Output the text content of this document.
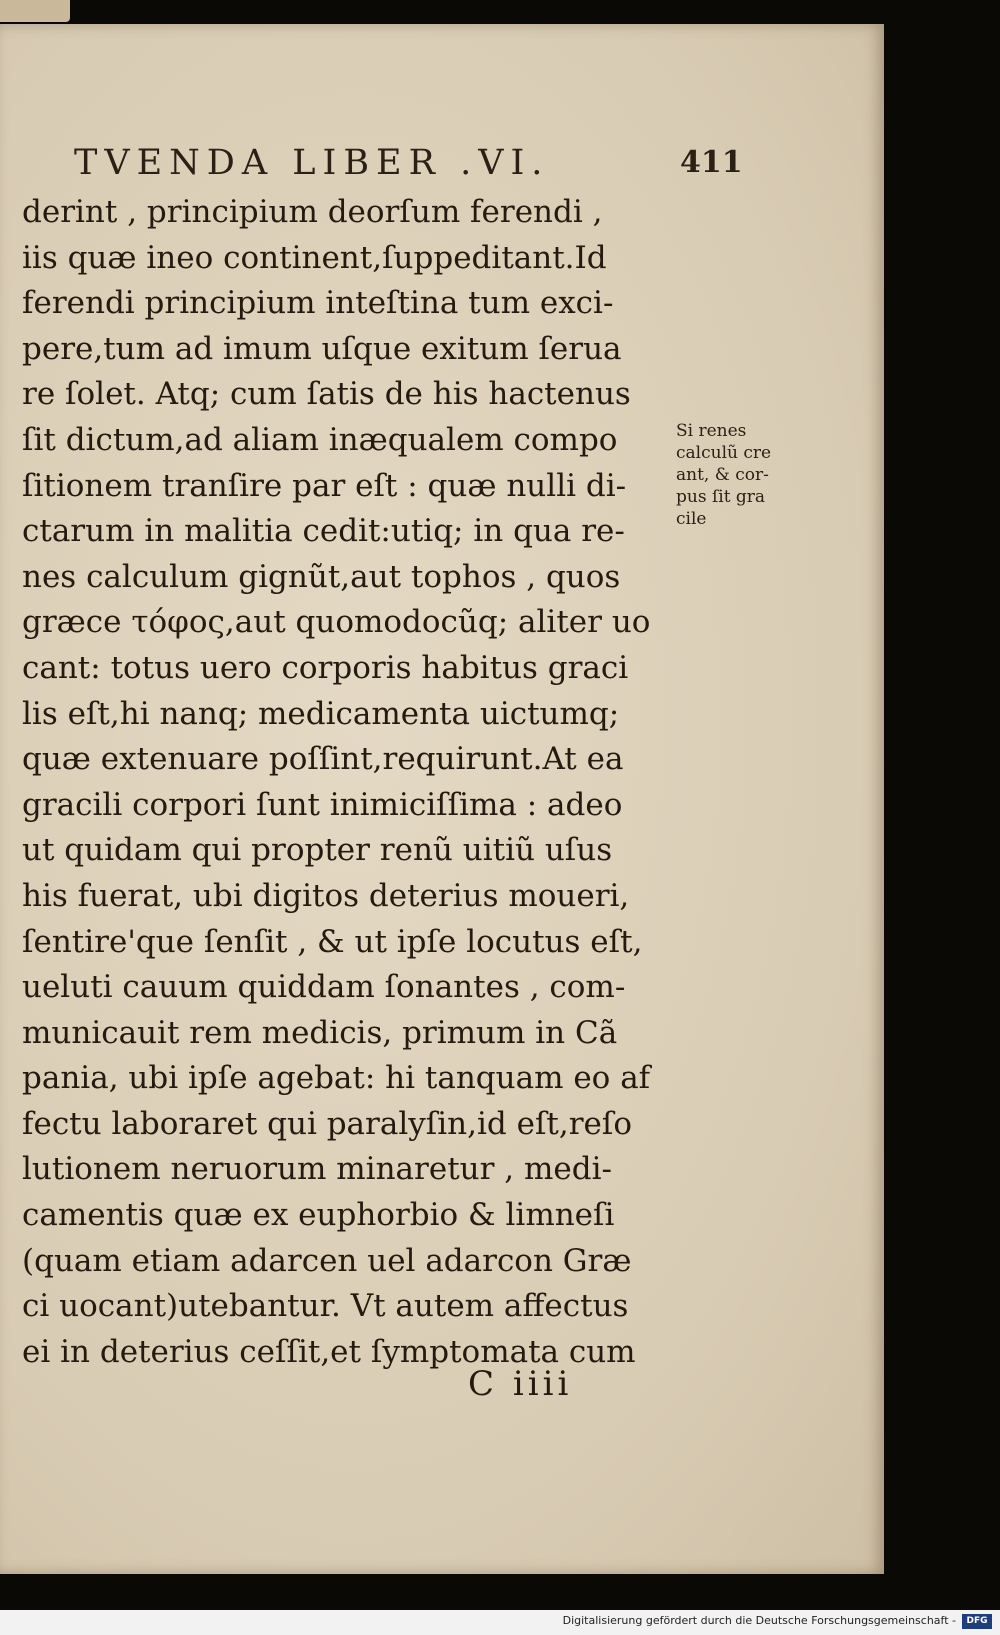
TVENDA LIBER .VI.	411
derint , principium deorſum ferendi ,
iis quæ ineo continent,ſuppeditant.Id
ferendi principium inteſtina tum exci-
pere,tum ad imum uſque exitum ſerua
re ſolet. Atq; cum ſatis de his hactenus
ſit dictum,ad aliam inæqualem compo
ſitionem tranſire par eſt : quæ nulli di-
ctarum in malitia cedit:utiq; in qua re-
nes calculum gignũt,aut tophos , quos
græce τόφος,aut quomodocũq; aliter uo
cant: totus uero corporis habitus graci
lis eſt,hi nanq; medicamenta uictumq;
quæ extenuare poſſint,requirunt.At ea
gracili corpori ſunt inimiciſſima : adeo
ut quidam qui propter renũ uitiũ uſus
his fuerat, ubi digitos deterius moueri,
ſentire'que ſenſit , & ut ipſe locutus eſt,
ueluti cauum quiddam ſonantes , com-
municauit rem medicis, primum in Cã
pania, ubi ipſe agebat: hi tanquam eo af
fectu laboraret qui paralyſin,id eſt,reſo
lutionem neruorum minaretur , medi-
camentis quæ ex euphorbio & limneſi
(quam etiam adarcen uel adarcon Græ
ci uocant)utebantur. Vt autem affectus
ei in deterius ceſſit,et ſymptomata cum
Si renes
calculũ cre
ant, & cor-
pus ſit gra
cile
C iiii
Digitalisierung gefördert durch die Deutsche Forschungsgemeinschaft -	DFG
